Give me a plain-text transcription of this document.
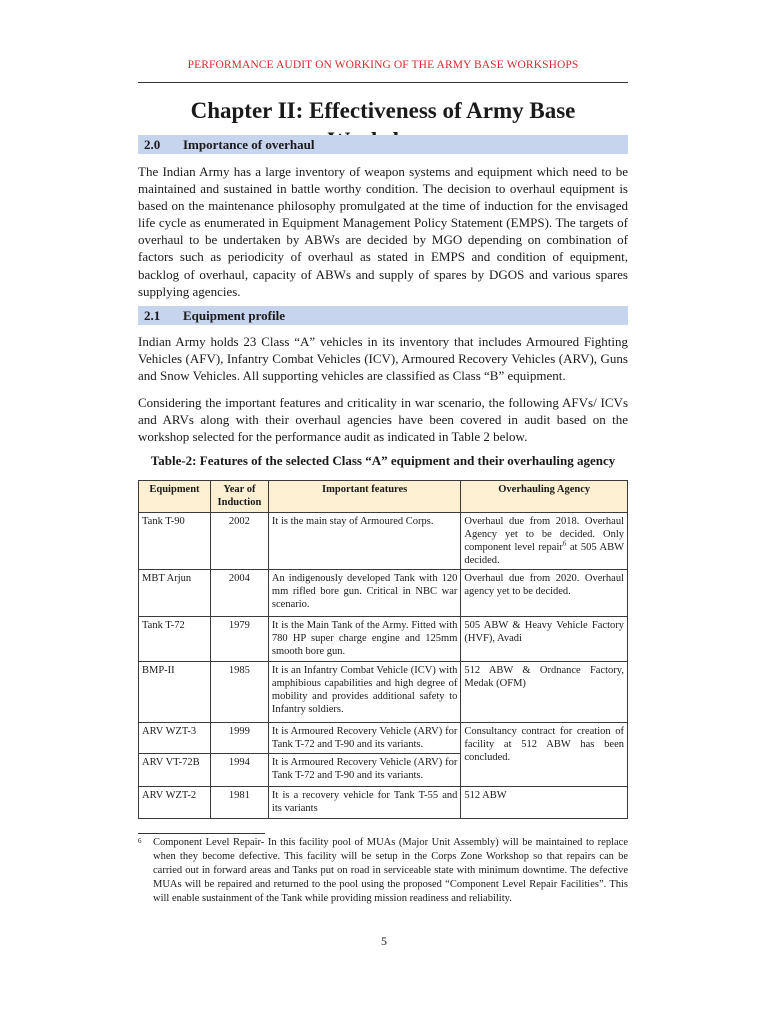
PERFORMANCE AUDIT ON WORKING OF THE ARMY BASE WORKSHOPS
Chapter II: Effectiveness of Army Base
2.0 Importance of overhaul

The Indian Army has a large inventory of weapon systems and equipment which need to be maintained and sustained in battle worthy condition. The decision to overhaul equipment is based on the maintenance philosophy promulgated at the time of induction for the envisaged life cycle as enumerated in Equipment Management Policy Statement (EMPS). The targets of overhaul to be undertaken by ABWs are decided by MGO depending on combination of factors such as periodicity of overhaul as stated in EMPS and condition of equipment, backlog of overhaul, capacity of ABWs and supply of spares by DGOS and various spares supplying agencies.

2.1 Equipment profile

Indian Army holds 23 Class “A” vehicles in its inventory that includes Armoured Fighting Vehicles (AFV), Infantry Combat Vehicles (ICV), Armoured Recovery Vehicles (ARV), Guns and Snow Vehicles. All supporting vehicles are classified as Class “B” equipment.

Considering the important features and criticality in war scenario, the following AFVs/ ICVs and ARVs along with their overhaul agencies have been covered in audit based on the workshop selected for the performance audit as indicated in Table 2 below.

Table-2: Features of the selected Class “A” equipment and their overhauling agency

Equipment	Year of Induction	Important features	Overhauling Agency
Tank T-90	2002	It is the main stay of Armoured Corps.	Overhaul due from 2018. Overhaul Agency yet to be decided. Only component level repair$^6$ at 505 ABW decided.
MBT Arjun	2004	An indigenously developed Tank with 120 mm rifled bore gun. Critical in NBC war scenario.	Overhaul due from 2020. Overhaul agency yet to be decided.
Tank T-72	1979	It is the Main Tank of the Army. Fitted with 780 HP super charge engine and 125mm smooth bore gun.	505 ABW & Heavy Vehicle Factory (HVF), Avadi
BMP-II	1985	It is an Infantry Combat Vehicle (ICV) with amphibious capabilities and high degree of mobility and provides additional safety to Infantry soldiers.	512 ABW & Ordnance Factory, Medak (OFM)
ARV WZT-3	1999	It is Armoured Recovery Vehicle (ARV) for Tank T-72 and T-90 and its variants.	Consultancy contract for creation of facility at 512 ABW has been concluded.
ARV VT-72B	1994	It is Armoured Recovery Vehicle (ARV) for Tank T-72 and T-90 and its variants.	
ARV WZT-2	1981	It is a recovery vehicle for Tank T-55 and its variants	512 ABW
6 Component Level Repair- In this facility pool of MUAs (Major Unit Assembly) will be maintained to replace when they become defective. This facility will be setup in the Corps Zone Workshop so that repairs can be carried out in forward areas and Tanks put on road in serviceable state with minimum downtime. The defective MUAs will be repaired and returned to the pool using the proposed “Component Level Repair Facilities”. This will enable sustainment of the Tank while providing mission readiness and reliability.
5
